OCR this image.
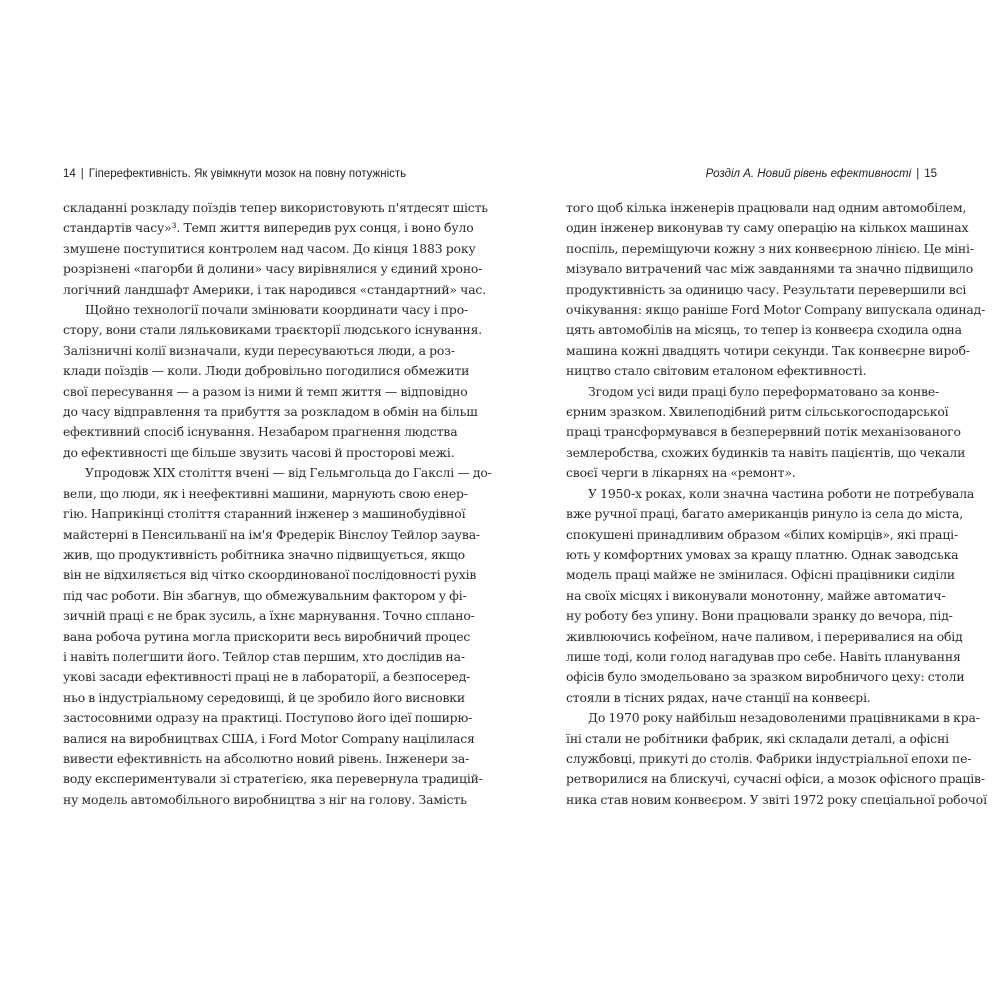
14 | Гіперефективність. Як увімкнути мозок на повну потужність	Розділ А. Новий рівень ефективності | 15
складанні розкладу поїздів тепер використовують п'ятдесят шість
стандартів часу»³. Темп життя випередив рух сонця, і воно було
змушене поступитися контролем над часом. До кінця 1883 року
розрізнені «пагорби й долини» часу вирівнялися у єдиний хроно-
логічний ландшафт Америки, і так народився «стандартний» час.
Щойно технології почали змінювати координати часу і про-
стору, вони стали ляльковиками траєкторії людського існування.
Залізничні колії визначали, куди пересуваються люди, а роз-
клади поїздів — коли. Люди добровільно погодилися обмежити
свої пересування — а разом із ними й темп життя — відповідно
до часу відправлення та прибуття за розкладом в обмін на більш
ефективний спосіб існування. Незабаром прагнення людства
до ефективності ще більше звузить часові й просторові межі.
Упродовж XIX століття вчені — від Гельмгольца до Гакслі — до-
вели, що люди, як і неефективні машини, марнують свою енер-
гію. Наприкінці століття старанний інженер з машинобудівної
майстерні в Пенсильванії на ім'я Фредерік Вінслоу Тейлор заува-
жив, що продуктивність робітника значно підвищується, якщо
він не відхиляється від чітко скоординованої послідовності рухів
під час роботи. Він збагнув, що обмежувальним фактором у фі-
зичній праці є не брак зусиль, а їхнє марнування. Точно сплано-
вана робоча рутина могла прискорити весь виробничий процес
і навіть полегшити його. Тейлор став першим, хто дослідив на-
укові засади ефективності праці не в лабораторії, а безпосеред-
ньо в індустріальному середовищі, й це зробило його висновки
застосовними одразу на практиці. Поступово його ідеї поширю-
валися на виробництвах США, і Ford Motor Company націлилася
вивести ефективність на абсолютно новий рівень. Інженери за-
воду експериментували зі стратегією, яка перевернула традицій-
ну модель автомобільного виробництва з ніг на голову. Замість
того щоб кілька інженерів працювали над одним автомобілем,
один інженер виконував ту саму операцію на кількох машинах
поспіль, переміщуючи кожну з них конвеєрною лінією. Це міні-
мізувало витрачений час між завданнями та значно підвищило
продуктивність за одиницю часу. Результати перевершили всі
очікування: якщо раніше Ford Motor Company випускала одинад-
цять автомобілів на місяць, то тепер із конвеєра сходила одна
машина кожні двадцять чотири секунди. Так конвеєрне вироб-
ництво стало світовим еталоном ефективності.
Згодом усі види праці було переформатовано за конве-
єрним зразком. Хвилеподібний ритм сільськогосподарської
праці трансформувався в безперервний потік механізованого
землеробства, схожих будинків та навіть пацієнтів, що чекали
своєї черги в лікарнях на «ремонт».
У 1950-х роках, коли значна частина роботи не потребувала
вже ручної праці, багато американців ринуло із села до міста,
спокушені принадливим образом «білих комірців», які праці-
ють у комфортних умовах за кращу платню. Однак заводська
модель праці майже не змінилася. Офісні працівники сиділи
на своїх місцях і виконували монотонну, майже автоматич-
ну роботу без упину. Вони працювали зранку до вечора, під-
живлюючись кофеїном, наче паливом, і переривалися на обід
лише тоді, коли голод нагадував про себе. Навіть планування
офісів було змодельовано за зразком виробничого цеху: столи
стояли в тісних рядах, наче станції на конвеєрі.
До 1970 року найбільш незадоволеними працівниками в кра-
їні стали не робітники фабрик, які складали деталі, а офісні
службовці, прикуті до столів. Фабрики індустріальної епохи пе-
ретворилися на блискучі, сучасні офіси, а мозок офісного праців-
ника став новим конвеєром. У звіті 1972 року спеціальної робочої
